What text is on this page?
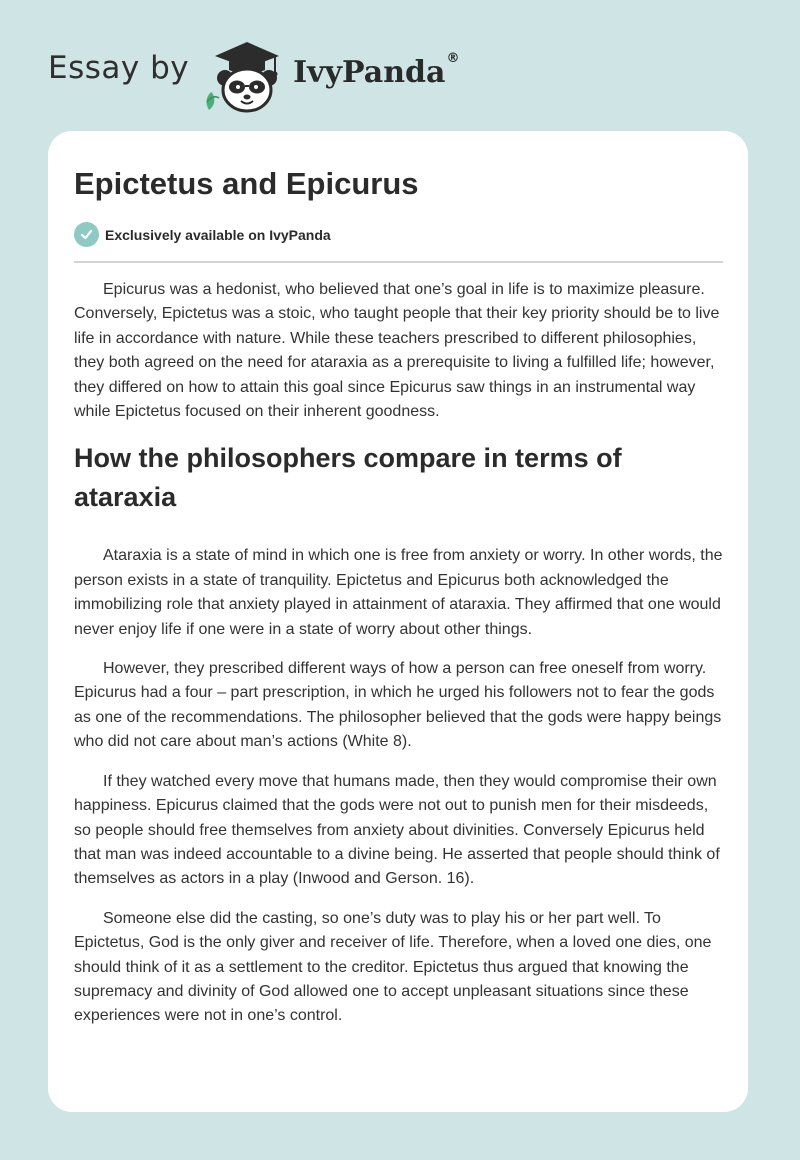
Essay by	IvyPanda®
Epictetus and Epicurus
Exclusively available on IvyPanda

Epicurus was a hedonist, who believed that one’s goal in life is to maximize pleasure. Conversely, Epictetus was a stoic, who taught people that their key priority should be to live life in accordance with nature. While these teachers prescribed to different philosophies, they both agreed on the need for ataraxia as a prerequisite to living a fulfilled life; however, they differed on how to attain this goal since Epicurus saw things in an instrumental way while Epictetus focused on their inherent goodness.

How the philosophers compare in terms of ataraxia

Ataraxia is a state of mind in which one is free from anxiety or worry. In other words, the person exists in a state of tranquility. Epictetus and Epicurus both acknowledged the immobilizing role that anxiety played in attainment of ataraxia. They affirmed that one would never enjoy life if one were in a state of worry about other things.

However, they prescribed different ways of how a person can free oneself from worry. Epicurus had a four – part prescription, in which he urged his followers not to fear the gods as one of the recommendations. The philosopher believed that the gods were happy beings who did not care about man’s actions (White 8).

If they watched every move that humans made, then they would compromise their own happiness. Epicurus claimed that the gods were not out to punish men for their misdeeds, so people should free themselves from anxiety about divinities. Conversely Epicurus held that man was indeed accountable to a divine being. He asserted that people should think of themselves as actors in a play (Inwood and Gerson. 16).

Someone else did the casting, so one’s duty was to play his or her part well. To Epictetus, God is the only giver and receiver of life. Therefore, when a loved one dies, one should think of it as a settlement to the creditor. Epictetus thus argued that knowing the supremacy and divinity of God allowed one to accept unpleasant situations since these experiences were not in one’s control.
